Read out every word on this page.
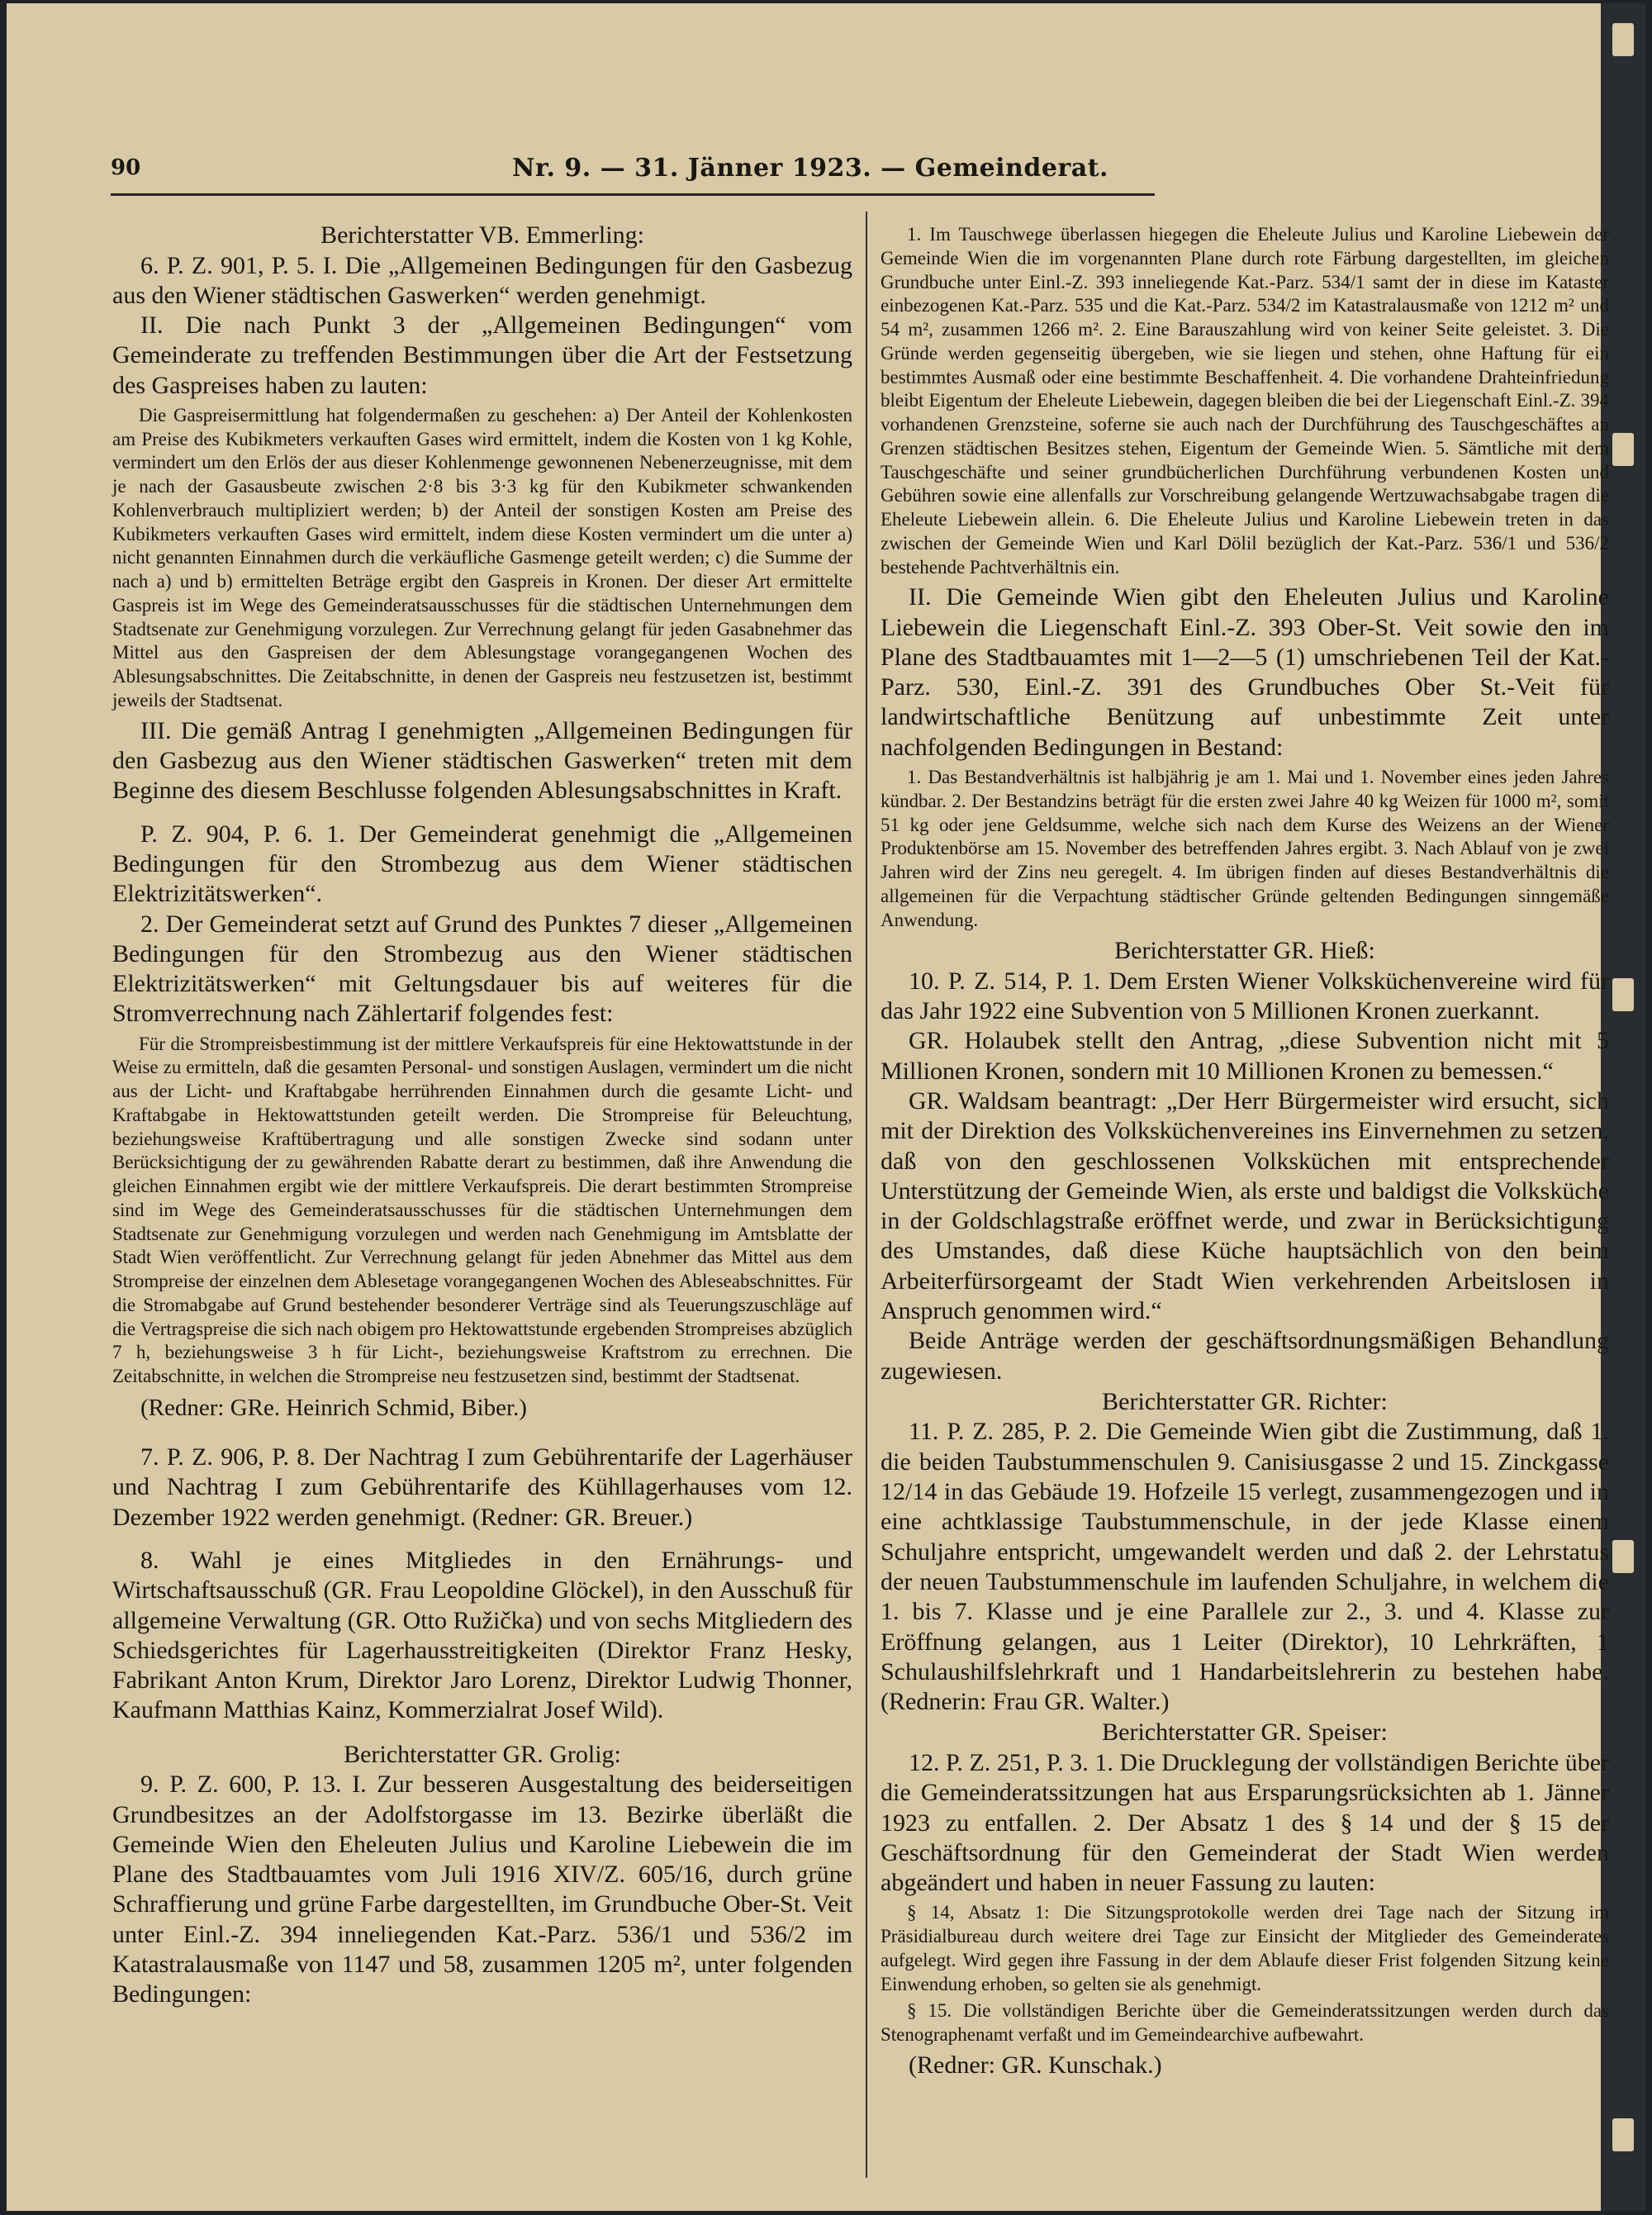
90	Nr. 9. — 31. Jänner 1923. — Gemeinderat.

Berichterstatter VB. Emmerling:

6. P. Z. 901, P. 5. I. Die „Allgemeinen Bedingungen für den Gasbezug aus den Wiener städtischen Gaswerken“ werden genehmigt.

II. Die nach Punkt 3 der „Allgemeinen Bedingungen“ vom Gemeinderate zu treffenden Bestimmungen über die Art der Festsetzung des Gaspreises haben zu lauten:

Die Gaspreisermittlung hat folgendermaßen zu geschehen: a) Der Anteil der Kohlenkosten am Preise des Kubikmeters verkauften Gases wird ermittelt, indem die Kosten von 1 kg Kohle, vermindert um den Erlös der aus dieser Kohlenmenge gewonnenen Nebenerzeugnisse, mit dem je nach der Gasausbeute zwischen 2·8 bis 3·3 kg für den Kubikmeter schwankenden Kohlenverbrauch multipliziert werden; b) der Anteil der sonstigen Kosten am Preise des Kubikmeters verkauften Gases wird ermittelt, indem diese Kosten vermindert um die unter a) nicht genannten Einnahmen durch die verkäufliche Gasmenge geteilt werden; c) die Summe der nach a) und b) ermittelten Beträge ergibt den Gaspreis in Kronen. Der dieser Art ermittelte Gaspreis ist im Wege des Gemeinderatsausschusses für die städtischen Unternehmungen dem Stadtsenate zur Genehmigung vorzulegen. Zur Verrechnung gelangt für jeden Gasabnehmer das Mittel aus den Gaspreisen der dem Ablesungstage vorangegangenen Wochen des Ablesungsabschnittes. Die Zeitabschnitte, in denen der Gaspreis neu festzusetzen ist, bestimmt jeweils der Stadtsenat.

III. Die gemäß Antrag I genehmigten „Allgemeinen Bedingungen für den Gasbezug aus den Wiener städtischen Gaswerken“ treten mit dem Beginne des diesem Beschlusse folgenden Ablesungsabschnittes in Kraft.

P. Z. 904, P. 6. 1. Der Gemeinderat genehmigt die „Allgemeinen Bedingungen für den Strombezug aus dem Wiener städtischen Elektrizitätswerken“.

2. Der Gemeinderat setzt auf Grund des Punktes 7 dieser „Allgemeinen Bedingungen für den Strombezug aus den Wiener städtischen Elektrizitätswerken“ mit Geltungsdauer bis auf weiteres für die Stromverrechnung nach Zählertarif folgendes fest:

Für die Strompreisbestimmung ist der mittlere Verkaufspreis für eine Hektowattstunde in der Weise zu ermitteln, daß die gesamten Personal- und sonstigen Auslagen, vermindert um die nicht aus der Licht- und Kraftabgabe herrührenden Einnahmen durch die gesamte Licht- und Kraftabgabe in Hektowattstunden geteilt werden. Die Strompreise für Beleuchtung, beziehungsweise Kraftübertragung und alle sonstigen Zwecke sind sodann unter Berücksichtigung der zu gewährenden Rabatte derart zu bestimmen, daß ihre Anwendung die gleichen Einnahmen ergibt wie der mittlere Verkaufspreis. Die derart bestimmten Strompreise sind im Wege des Gemeinderatsausschusses für die städtischen Unternehmungen dem Stadtsenate zur Genehmigung vorzulegen und werden nach Genehmigung im Amtsblatte der Stadt Wien veröffentlicht. Zur Verrechnung gelangt für jeden Abnehmer das Mittel aus dem Strompreise der einzelnen dem Ablesetage vorangegangenen Wochen des Ableseabschnittes. Für die Stromabgabe auf Grund bestehender besonderer Verträge sind als Teuerungszuschläge auf die Vertragspreise die sich nach obigem pro Hektowattstunde ergebenden Strompreises abzüglich 7 h, beziehungsweise 3 h für Licht-, beziehungsweise Kraftstrom zu errechnen. Die Zeitabschnitte, in welchen die Strompreise neu festzusetzen sind, bestimmt der Stadtsenat.

(Redner: GRe. Heinrich Schmid, Biber.)

7. P. Z. 906, P. 8. Der Nachtrag I zum Gebührentarife der Lagerhäuser und Nachtrag I zum Gebührentarife des Kühllagerhauses vom 12. Dezember 1922 werden genehmigt. (Redner: GR. Breuer.)

8. Wahl je eines Mitgliedes in den Ernährungs- und Wirtschaftsausschuß (GR. Frau Leopoldine Glöckel), in den Ausschuß für allgemeine Verwaltung (GR. Otto Ružička) und von sechs Mitgliedern des Schiedsgerichtes für Lagerhausstreitigkeiten (Direktor Franz Hesky, Fabrikant Anton Krum, Direktor Jaro Lorenz, Direktor Ludwig Thonner, Kaufmann Matthias Kainz, Kommerzialrat Josef Wild).

Berichterstatter GR. Grolig:

9. P. Z. 600, P. 13. I. Zur besseren Ausgestaltung des beiderseitigen Grundbesitzes an der Adolfstorgasse im 13. Bezirke überläßt die Gemeinde Wien den Eheleuten Julius und Karoline Liebewein die im Plane des Stadtbauamtes vom Juli 1916 XIV/Z. 605/16, durch grüne Schraffierung und grüne Farbe dargestellten, im Grundbuche Ober-St. Veit unter Einl.-Z. 394 inneliegenden Kat.-Parz. 536/1 und 536/2 im Katastralausmaße von 1147 und 58, zusammen 1205 m², unter folgenden Bedingungen:

1. Im Tauschwege überlassen hiegegen die Eheleute Julius und Karoline Liebewein der Gemeinde Wien die im vorgenannten Plane durch rote Färbung dargestellten, im gleichen Grundbuche unter Einl.-Z. 393 inneliegende Kat.-Parz. 534/1 samt der in diese im Kataster einbezogenen Kat.-Parz. 535 und die Kat.-Parz. 534/2 im Katastralausmaße von 1212 m² und 54 m², zusammen 1266 m². 2. Eine Barauszahlung wird von keiner Seite geleistet. 3. Die Gründe werden gegenseitig übergeben, wie sie liegen und stehen, ohne Haftung für ein bestimmtes Ausmaß oder eine bestimmte Beschaffenheit. 4. Die vorhandene Drahteinfriedung bleibt Eigentum der Eheleute Liebewein, dagegen bleiben die bei der Liegenschaft Einl.-Z. 394 vorhandenen Grenzsteine, soferne sie auch nach der Durchführung des Tauschgeschäftes an Grenzen städtischen Besitzes stehen, Eigentum der Gemeinde Wien. 5. Sämtliche mit dem Tauschgeschäfte und seiner grundbücherlichen Durchführung verbundenen Kosten und Gebühren sowie eine allenfalls zur Vorschreibung gelangende Wertzuwachsabgabe tragen die Eheleute Liebewein allein. 6. Die Eheleute Julius und Karoline Liebewein treten in das zwischen der Gemeinde Wien und Karl Dölil bezüglich der Kat.-Parz. 536/1 und 536/2 bestehende Pachtverhältnis ein.

II. Die Gemeinde Wien gibt den Eheleuten Julius und Karoline Liebewein die Liegenschaft Einl.-Z. 393 Ober-St. Veit sowie den im Plane des Stadtbauamtes mit 1—2—5 (1) umschriebenen Teil der Kat.-Parz. 530, Einl.-Z. 391 des Grundbuches Ober St.-Veit für landwirtschaftliche Benützung auf unbestimmte Zeit unter nachfolgenden Bedingungen in Bestand:

1. Das Bestandverhältnis ist halbjährig je am 1. Mai und 1. November eines jeden Jahres kündbar. 2. Der Bestandzins beträgt für die ersten zwei Jahre 40 kg Weizen für 1000 m², somit 51 kg oder jene Geldsumme, welche sich nach dem Kurse des Weizens an der Wiener Produktenbörse am 15. November des betreffenden Jahres ergibt. 3. Nach Ablauf von je zwei Jahren wird der Zins neu geregelt. 4. Im übrigen finden auf dieses Bestandverhältnis die allgemeinen für die Verpachtung städtischer Gründe geltenden Bedingungen sinngemäße Anwendung.

Berichterstatter GR. Hieß:

10. P. Z. 514, P. 1. Dem Ersten Wiener Volksküchenvereine wird für das Jahr 1922 eine Subvention von 5 Millionen Kronen zuerkannt.

GR. Holaubek stellt den Antrag, „diese Subvention nicht mit 5 Millionen Kronen, sondern mit 10 Millionen Kronen zu bemessen.“

GR. Waldsam beantragt: „Der Herr Bürgermeister wird ersucht, sich mit der Direktion des Volksküchenvereines ins Einvernehmen zu setzen, daß von den geschlossenen Volksküchen mit entsprechender Unterstützung der Gemeinde Wien, als erste und baldigst die Volksküche in der Goldschlagstraße eröffnet werde, und zwar in Berücksichtigung des Umstandes, daß diese Küche hauptsächlich von den beim Arbeiterfürsorgeamt der Stadt Wien verkehrenden Arbeitslosen in Anspruch genommen wird.“

Beide Anträge werden der geschäftsordnungsmäßigen Behandlung zugewiesen.

Berichterstatter GR. Richter:

11. P. Z. 285, P. 2. Die Gemeinde Wien gibt die Zustimmung, daß 1. die beiden Taubstummenschulen 9. Canisiusgasse 2 und 15. Zinckgasse 12/14 in das Gebäude 19. Hofzeile 15 verlegt, zusammengezogen und in eine achtklassige Taubstummenschule, in der jede Klasse einem Schuljahre entspricht, umgewandelt werden und daß 2. der Lehrstatus der neuen Taubstummenschule im laufenden Schuljahre, in welchem die 1. bis 7. Klasse und je eine Parallele zur 2., 3. und 4. Klasse zur Eröffnung gelangen, aus 1 Leiter (Direktor), 10 Lehrkräften, 1 Schulaushilfslehrkraft und 1 Handarbeitslehrerin zu bestehen habe. (Rednerin: Frau GR. Walter.)

Berichterstatter GR. Speiser:

12. P. Z. 251, P. 3. 1. Die Drucklegung der vollständigen Berichte über die Gemeinderatssitzungen hat aus Ersparungsrücksichten ab 1. Jänner 1923 zu entfallen. 2. Der Absatz 1 des § 14 und der § 15 der Geschäftsordnung für den Gemeinderat der Stadt Wien werden abgeändert und haben in neuer Fassung zu lauten:

§ 14, Absatz 1: Die Sitzungsprotokolle werden drei Tage nach der Sitzung im Präsidialbureau durch weitere drei Tage zur Einsicht der Mitglieder des Gemeinderates aufgelegt. Wird gegen ihre Fassung in der dem Ablaufe dieser Frist folgenden Sitzung keine Einwendung erhoben, so gelten sie als genehmigt.

§ 15. Die vollständigen Berichte über die Gemeinderatssitzungen werden durch das Stenographenamt verfaßt und im Gemeindearchive aufbewahrt.

(Redner: GR. Kunschak.)
